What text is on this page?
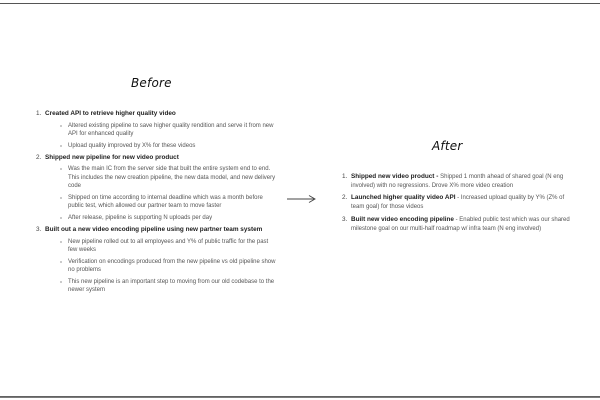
Before
1. Created API to retrieve higher quality video
Altered existing pipeline to save higher quality rendition and serve it from new API for enhanced quality
Upload quality improved by X% for these videos
2. Shipped new pipeline for new video product
Was the main IC from the server side that built the entire system end to end. This includes the new creation pipeline, the new data model, and new delivery code
Shipped on time according to internal deadline which was a month before public test, which allowed our partner team to move faster
After release, pipeline is supporting N uploads per day
3. Built out a new video encoding pipeline using new partner team system
New pipeline rolled out to all employees and Y% of public traffic for the past few weeks
Verification on encodings produced from the new pipeline vs old pipeline show no problems
This new pipeline is an important step to moving from our old codebase to the newer system
After
1. Shipped new video product - Shipped 1 month ahead of shared goal (N eng involved) with no regressions. Drove X% more video creation
2. Launched higher quality video API - Increased upload quality by Y% (Z% of team goal) for those videos
3. Built new video encoding pipeline - Enabled public test which was our shared milestone goal on our multi-half roadmap w/ infra team (N eng involved)
